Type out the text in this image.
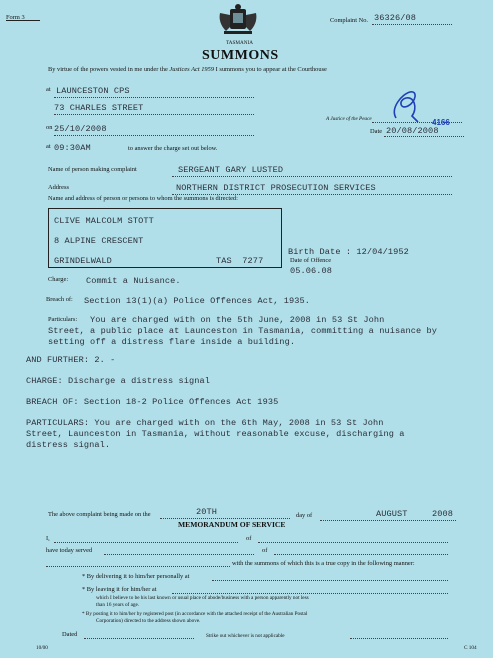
Form 3
TASMANIA
Complaint No. 36326/08
SUMMONS
By virtue of the powers vested in me under the Justices Act 1959 I summons you to appear at the Courthouse
at LAUNCESTON CPS
73 CHARLES STREET
on 25/10/2008
at 09:30AM	to answer the charge set out below.
A Justice of the Peace	4166
Date 20/08/2008
Name of person making complaint	SERGEANT GARY LUSTED
Address	NORTHERN DISTRICT PROSECUTION SERVICES
Name and address of person or persons to whom the summons is directed:
CLIVE MALCOLM STOTT
8 ALPINE CRESCENT
GRINDELWALD	TAS 7277
Birth Date : 12/04/1952
Date of Offence
05.06.08
Charge: Commit a Nuisance.
Breach of: Section 13(1)(a) Police Offences Act, 1935.
Particulars: You are charged with on the 5th June, 2008 in 53 St John
Street, a public place at Launceston in Tasmania, committing a nuisance by
setting off a distress flare inside a building.
AND FURTHER: 2. -
CHARGE: Discharge a distress signal
BREACH OF: Section 18-2 Police Offences Act 1935
PARTICULARS: You are charged with on the 6th May, 2008 in 53 St John
Street, Launceston in Tasmania, without reasonable excuse, discharging a
distress signal.
The above complaint being made on the	20TH	day of	AUGUST	2008
MEMORANDUM OF SERVICE
I,	of
have today served	of
with the summons of which this is a true copy in the following manner:
* By delivering it to him/her personally at
* By leaving it for him/her at
which I believe to be his last known or usual place of abode/business with a person apparently not less
than 16 years of age.
* By posting it to him/her by registered post (in accordance with the attached receipt of the Australian Postal
Corporation) directed to the address shown above.
Dated	Strike out whichever is not applicable
10/00	C 104
